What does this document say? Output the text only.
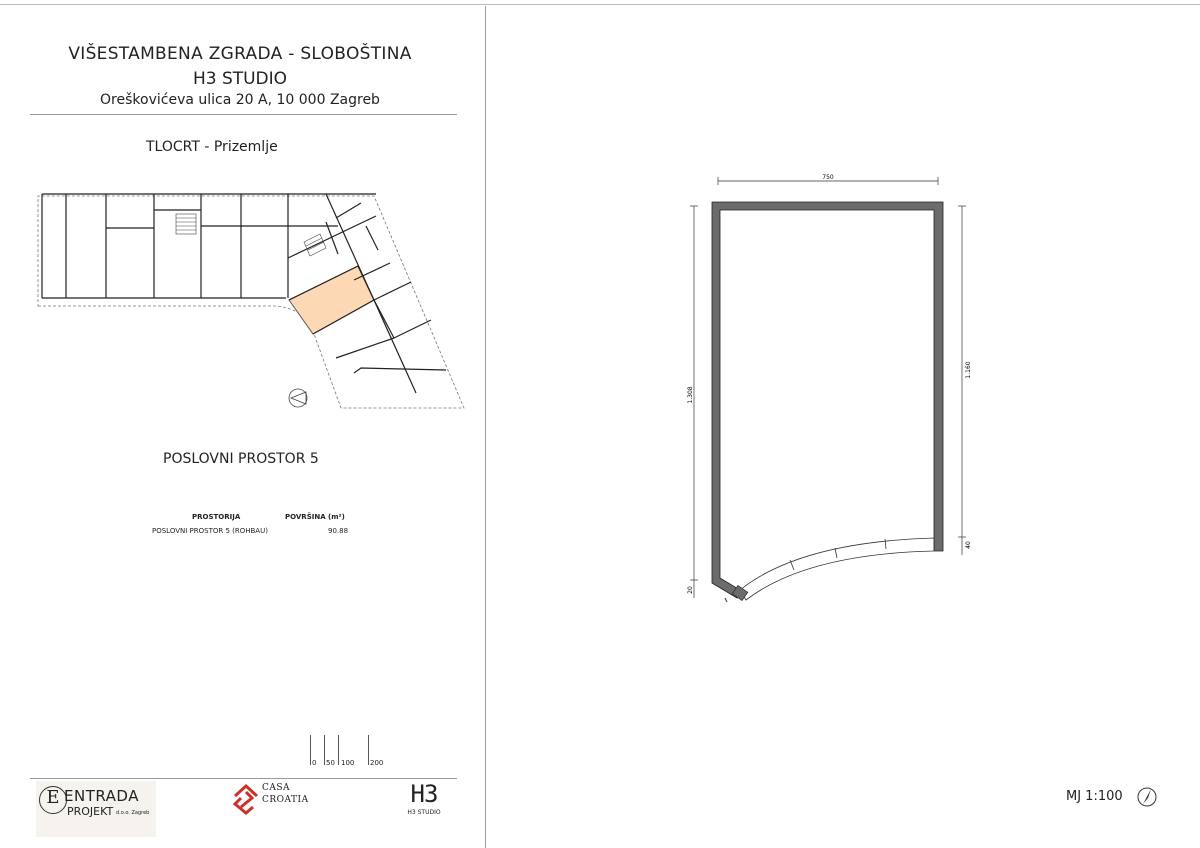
VIŠESTAMBENA ZGRADA - SLOBOŠTINA
H3 STUDIO
Oreškovićeva ulica 20 A, 10 000 Zagreb
TLOCRT - Prizemlje
POSLOVNI PROSTOR 5
PROSTORIJA	POVRŠINA (m²)
POSLOVNI PROSTOR 5 (ROHBAU)	90.88
0 50 100 200
E ENTRADA
PROJEKT d.o.o. Zagreb
CASA
CROATIA	H3
H3 STUDIO
750
1.308
20
1.160
40
MJ 1:100
